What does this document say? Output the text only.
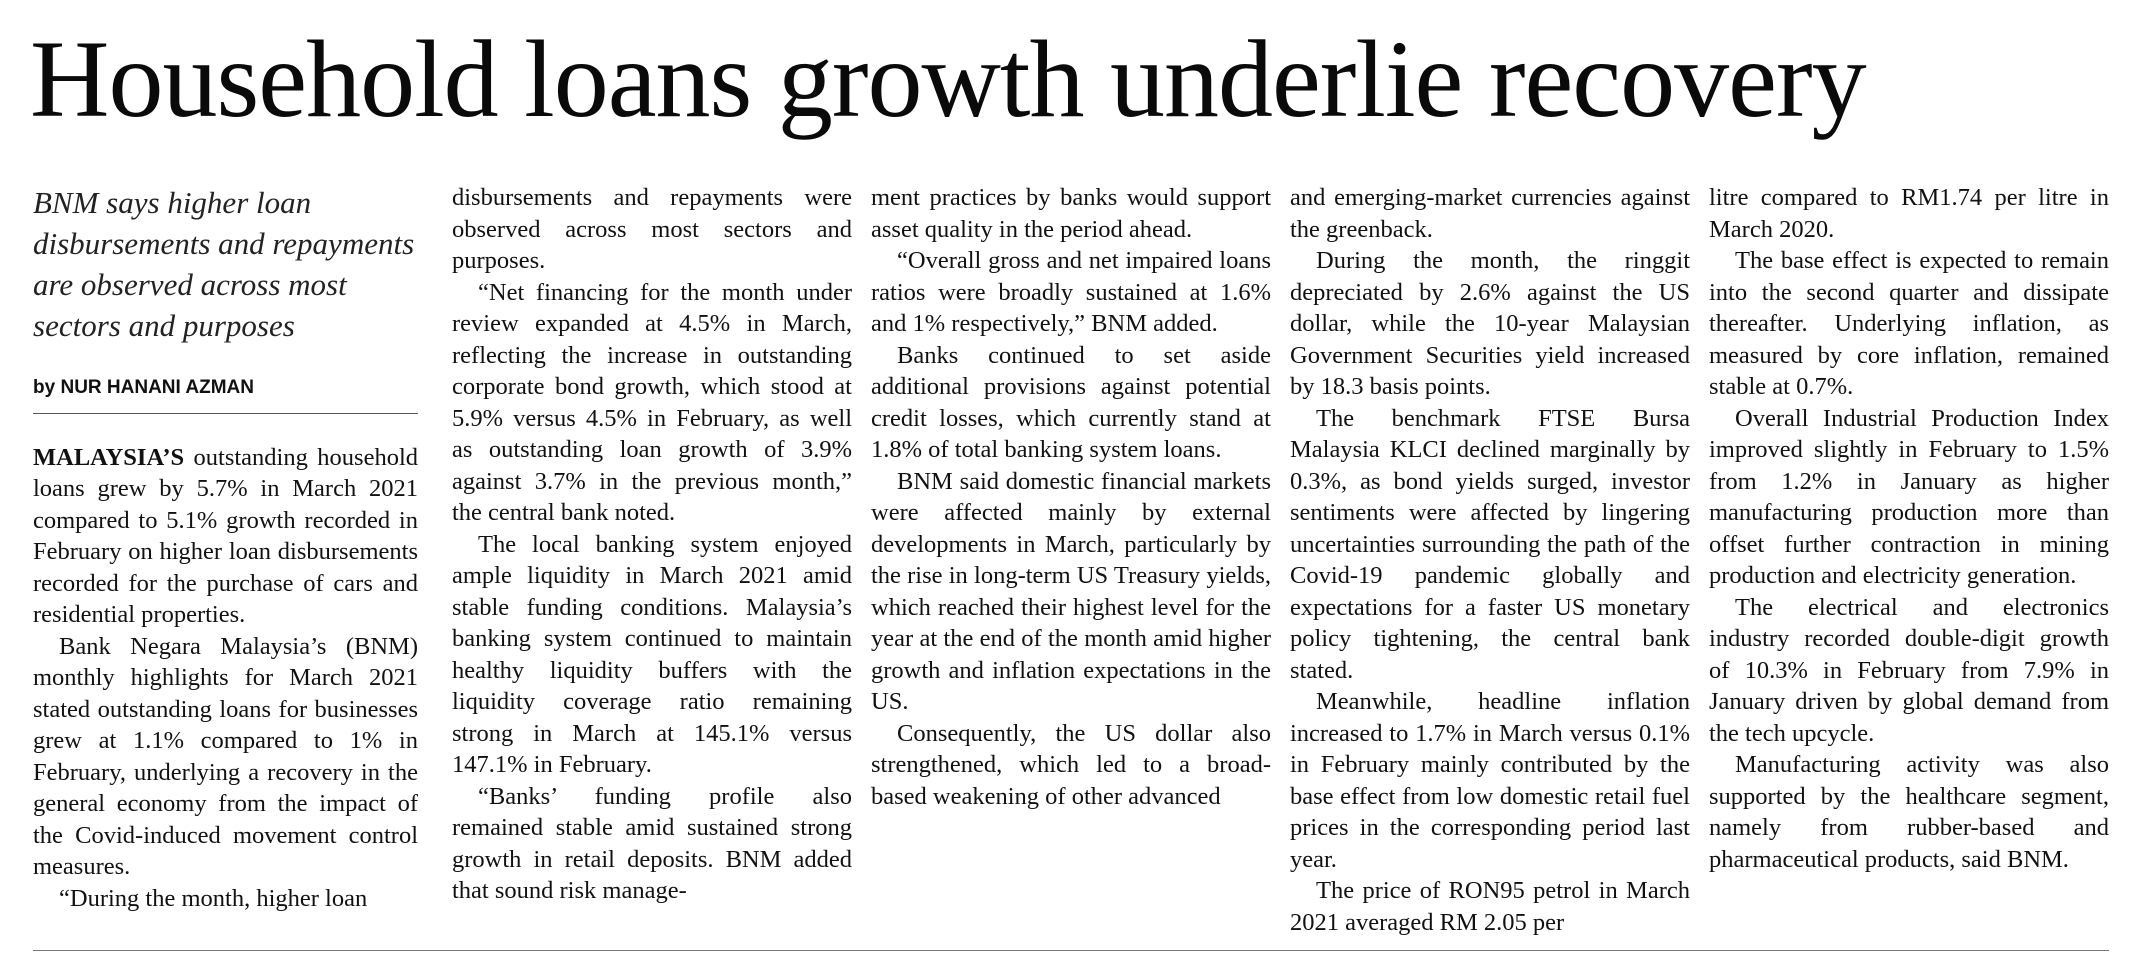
Household loans growth underlie recovery
BNM says higher loan disbursements and repayments are observed across most sectors and purposes
by NUR HANANI AZMAN

MALAYSIA’S outstanding household loans grew by 5.7% in March 2021 compared to 5.1% growth recorded in February on higher loan disbursements recorded for the purchase of cars and residential properties.

Bank Negara Malaysia’s (BNM) monthly highlights for March 2021 stated outstanding loans for businesses grew at 1.1% compared to 1% in February, underlying a recovery in the general economy from the impact of the Covid-induced movement control measures.

“During the month, higher loan

disbursements and repayments were observed across most sectors and purposes.

“Net financing for the month under review expanded at 4.5% in March, reflecting the increase in outstanding corporate bond growth, which stood at 5.9% versus 4.5% in February, as well as outstanding loan growth of 3.9% against 3.7% in the previous month,” the central bank noted.

The local banking system enjoyed ample liquidity in March 2021 amid stable funding conditions. Malaysia’s banking system continued to maintain healthy liquidity buffers with the liquidity coverage ratio remaining strong in March at 145.1% versus 147.1% in February.

“Banks’ funding profile also remained stable amid sustained strong growth in retail deposits. BNM added that sound risk manage-

ment practices by banks would support asset quality in the period ahead.

“Overall gross and net impaired loans ratios were broadly sustained at 1.6% and 1% respectively,” BNM added.

Banks continued to set aside additional provisions against potential credit losses, which currently stand at 1.8% of total banking system loans.

BNM said domestic financial markets were affected mainly by external developments in March, particularly by the rise in long-term US Treasury yields, which reached their highest level for the year at the end of the month amid higher growth and inflation expectations in the US.

Consequently, the US dollar also strengthened, which led to a broad-based weakening of other advanced

and emerging-market currencies against the greenback.

During the month, the ringgit depreciated by 2.6% against the US dollar, while the 10-year Malaysian Government Securities yield increased by 18.3 basis points.

The benchmark FTSE Bursa Malaysia KLCI declined marginally by 0.3%, as bond yields surged, investor sentiments were affected by lingering uncertainties surrounding the path of the Covid-19 pandemic globally and expectations for a faster US monetary policy tightening, the central bank stated.

Meanwhile, headline inflation increased to 1.7% in March versus 0.1% in February mainly contributed by the base effect from low domestic retail fuel prices in the corresponding period last year.

The price of RON95 petrol in March 2021 averaged RM 2.05 per

litre compared to RM1.74 per litre in March 2020.

The base effect is expected to remain into the second quarter and dissipate thereafter. Underlying inflation, as measured by core inflation, remained stable at 0.7%.

Overall Industrial Production Index improved slightly in February to 1.5% from 1.2% in January as higher manufacturing production more than offset further contraction in mining production and electricity generation.

The electrical and electronics industry recorded double-digit growth of 10.3% in February from 7.9% in January driven by global demand from the tech upcycle.

Manufacturing activity was also supported by the healthcare segment, namely from rubber-based and pharmaceutical products, said BNM.
